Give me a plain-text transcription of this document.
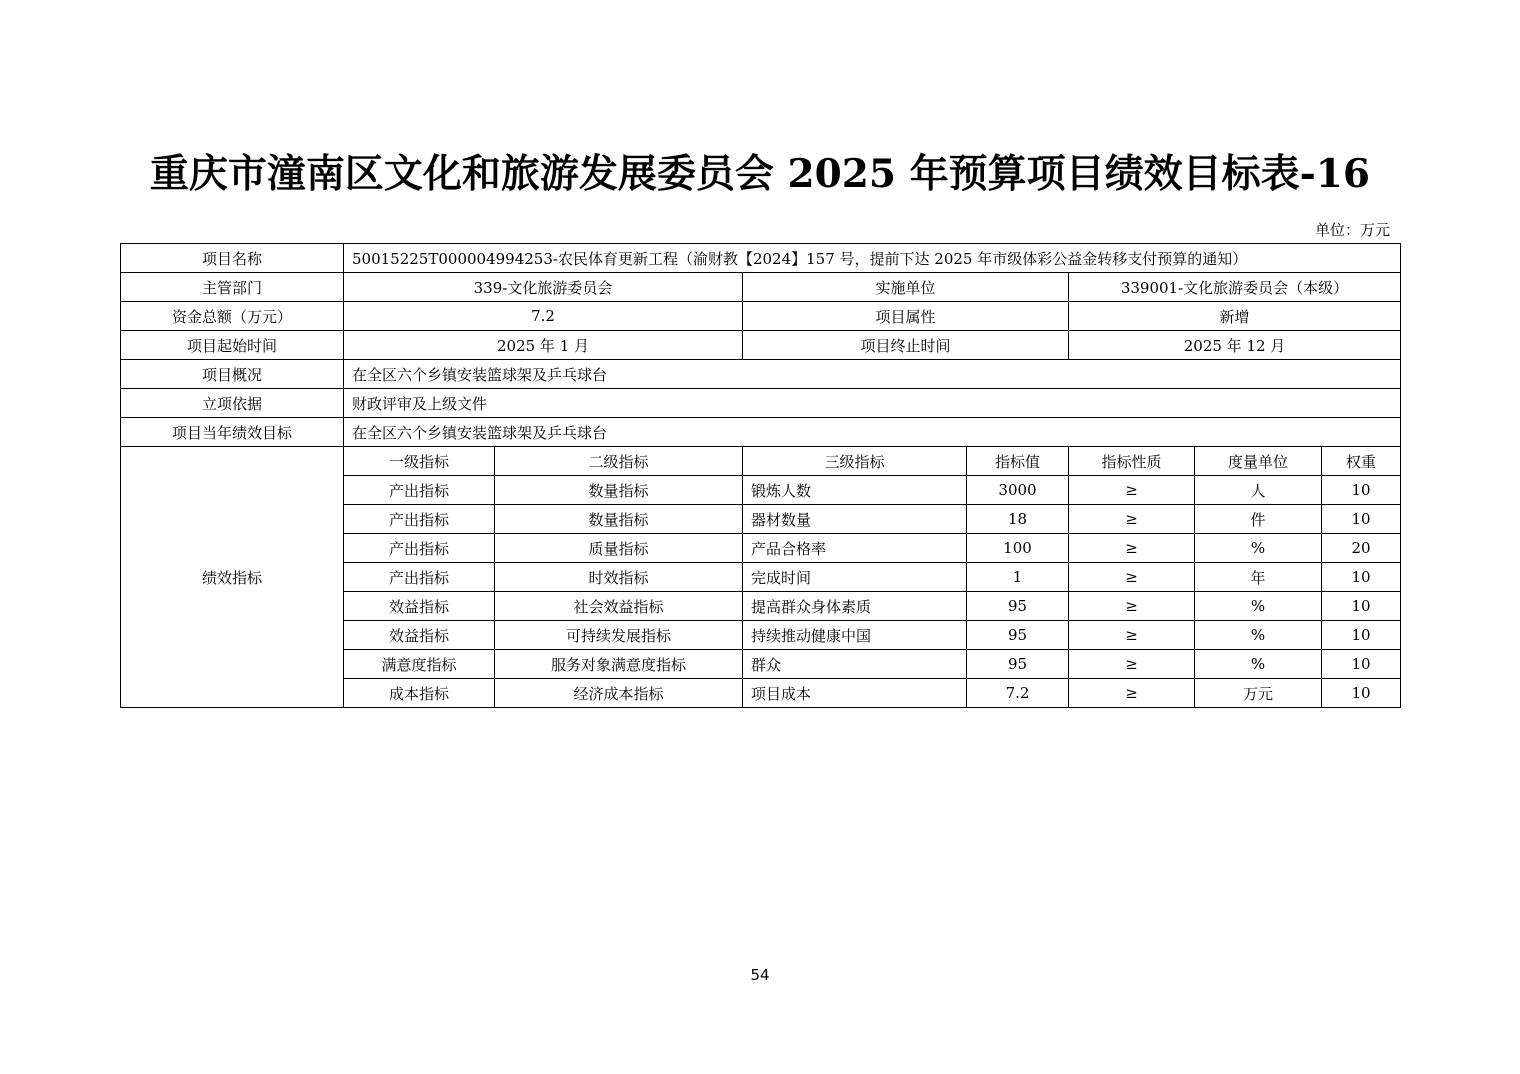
重庆市潼南区文化和旅游发展委员会 2025 年预算项目绩效目标表-16
单位：万元
项目名称	50015225T000004994253-农民体育更新工程（渝财教【2024】157 号，提前下达 2025 年市级体彩公益金转移支付预算的通知）						
主管部门	339-文化旅游委员会		实施单位		339001-文化旅游委员会（本级）		
资金总额（万元）	7.2		项目属性		新增		
项目起始时间	2025 年 1 月		项目终止时间		2025 年 12 月		
项目概况	在全区六个乡镇安装篮球架及乒乓球台						
立项依据	财政评审及上级文件						
项目当年绩效目标	在全区六个乡镇安装篮球架及乒乓球台						
绩效指标	一级指标	二级指标	三级指标	指标值	指标性质	度量单位	权重
	产出指标	数量指标	锻炼人数	3000	≥	人	10
	产出指标	数量指标	器材数量	18	≥	件	10
	产出指标	质量指标	产品合格率	100	≥	%	20
	产出指标	时效指标	完成时间	1	≥	年	10
	效益指标	社会效益指标	提高群众身体素质	95	≥	%	10
	效益指标	可持续发展指标	持续推动健康中国	95	≥	%	10
	满意度指标	服务对象满意度指标	群众	95	≥	%	10
	成本指标	经济成本指标	项目成本	7.2	≥	万元	10
54
